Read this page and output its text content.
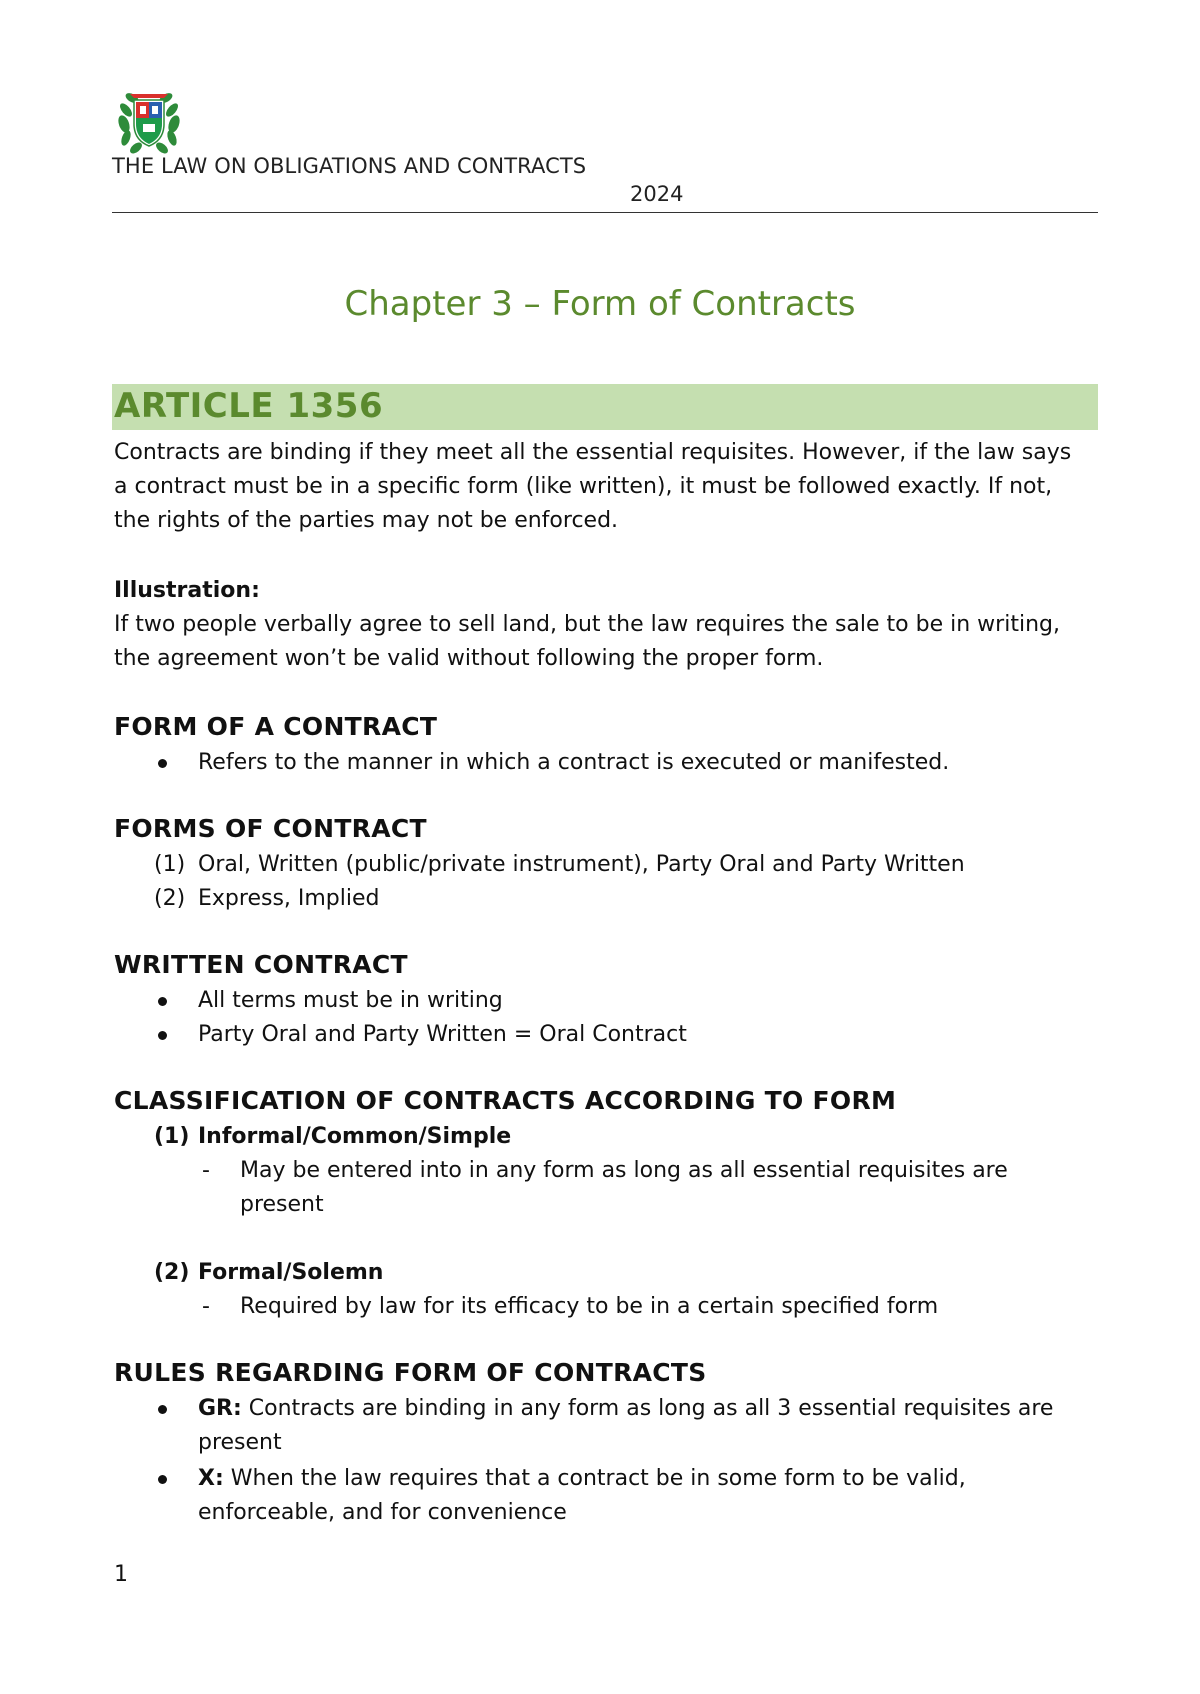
THE LAW ON OBLIGATIONS AND CONTRACTS
2024
Chapter 3 – Form of Contracts
ARTICLE 1356
Contracts are binding if they meet all the essential requisites. However, if the law says
a contract must be in a specific form (like written), it must be followed exactly. If not,
the rights of the parties may not be enforced.
Illustration:
If two people verbally agree to sell land, but the law requires the sale to be in writing,
the agreement won’t be valid without following the proper form.
FORM OF A CONTRACT
Refers to the manner in which a contract is executed or manifested.
FORMS OF CONTRACT
(1) Oral, Written (public/private instrument), Party Oral and Party Written
(2) Express, Implied
WRITTEN CONTRACT
All terms must be in writing
Party Oral and Party Written = Oral Contract
CLASSIFICATION OF CONTRACTS ACCORDING TO FORM
(1) Informal/Common/Simple
- May be entered into in any form as long as all essential requisites are
present
(2) Formal/Solemn
- Required by law for its efficacy to be in a certain specified form
RULES REGARDING FORM OF CONTRACTS
GR: Contracts are binding in any form as long as all 3 essential requisites are
present
X: When the law requires that a contract be in some form to be valid,
enforceable, and for convenience
1
